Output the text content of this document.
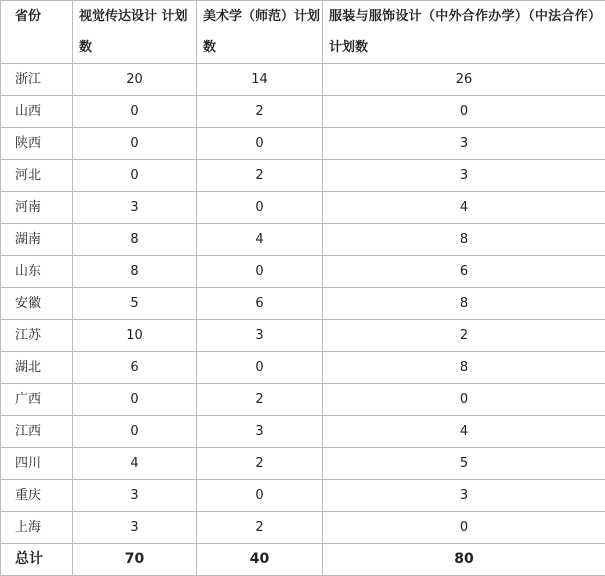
省份	视觉传达设计 计划数	美术学（师范）计划数	服装与服饰设计（中外合作办学）（中法合作）计划数
浙江	20	14	26
山西	0	2	0
陕西	0	0	3
河北	0	2	3
河南	3	0	4
湖南	8	4	8
山东	8	0	6
安徽	5	6	8
江苏	10	3	2
湖北	6	0	8
广西	0	2	0
江西	0	3	4
四川	4	2	5
重庆	3	0	3
上海	3	2	0
总计	70	40	80
